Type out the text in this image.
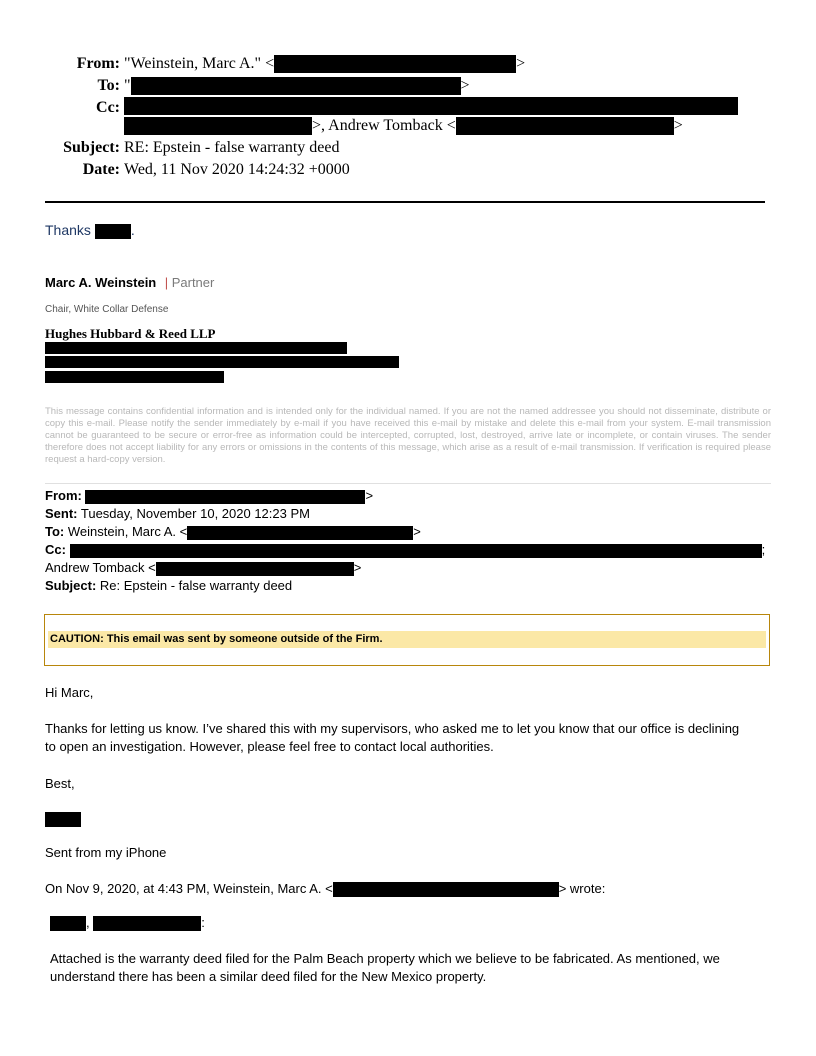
From: "Weinstein, Marc A." <	>
To: "	>
Cc:
>, Andrew Tomback <	>
Subject: RE: Epstein - false warranty deed
Date: Wed, 11 Nov 2020 14:24:32 +0000
Thanks	.
Marc A. Weinstein | Partner
Chair, White Collar Defense
Hughes Hubbard & Reed LLP
This message contains confidential information and is intended only for the individual named. If you are not the named addressee you should not disseminate, distribute or copy this e-mail. Please notify the sender immediately by e-mail if you have received this e-mail by mistake and delete this e-mail from your system. E-mail transmission cannot be guaranteed to be secure or error-free as information could be intercepted, corrupted, lost, destroyed, arrive late or incomplete, or contain viruses. The sender therefore does not accept liability for any errors or omissions in the contents of this message, which arise as a result of e-mail transmission. If verification is required please request a hard-copy version.
From:	>
Sent: Tuesday, November 10, 2020 12:23 PM
To: Weinstein, Marc A. <	>
Cc:	;
Andrew Tomback <	>
Subject: Re: Epstein - false warranty deed
CAUTION: This email was sent by someone outside of the Firm.
Hi Marc,
Thanks for letting us know. I’ve shared this with my supervisors, who asked me to let you know that our office is declining
to open an investigation. However, please feel free to contact local authorities.
Best,
Sent from my iPhone
On Nov 9, 2020, at 4:43 PM, Weinstein, Marc A. <	> wrote:
,	:
Attached is the warranty deed filed for the Palm Beach property which we believe to be fabricated. As mentioned, we
understand there has been a similar deed filed for the New Mexico property.
